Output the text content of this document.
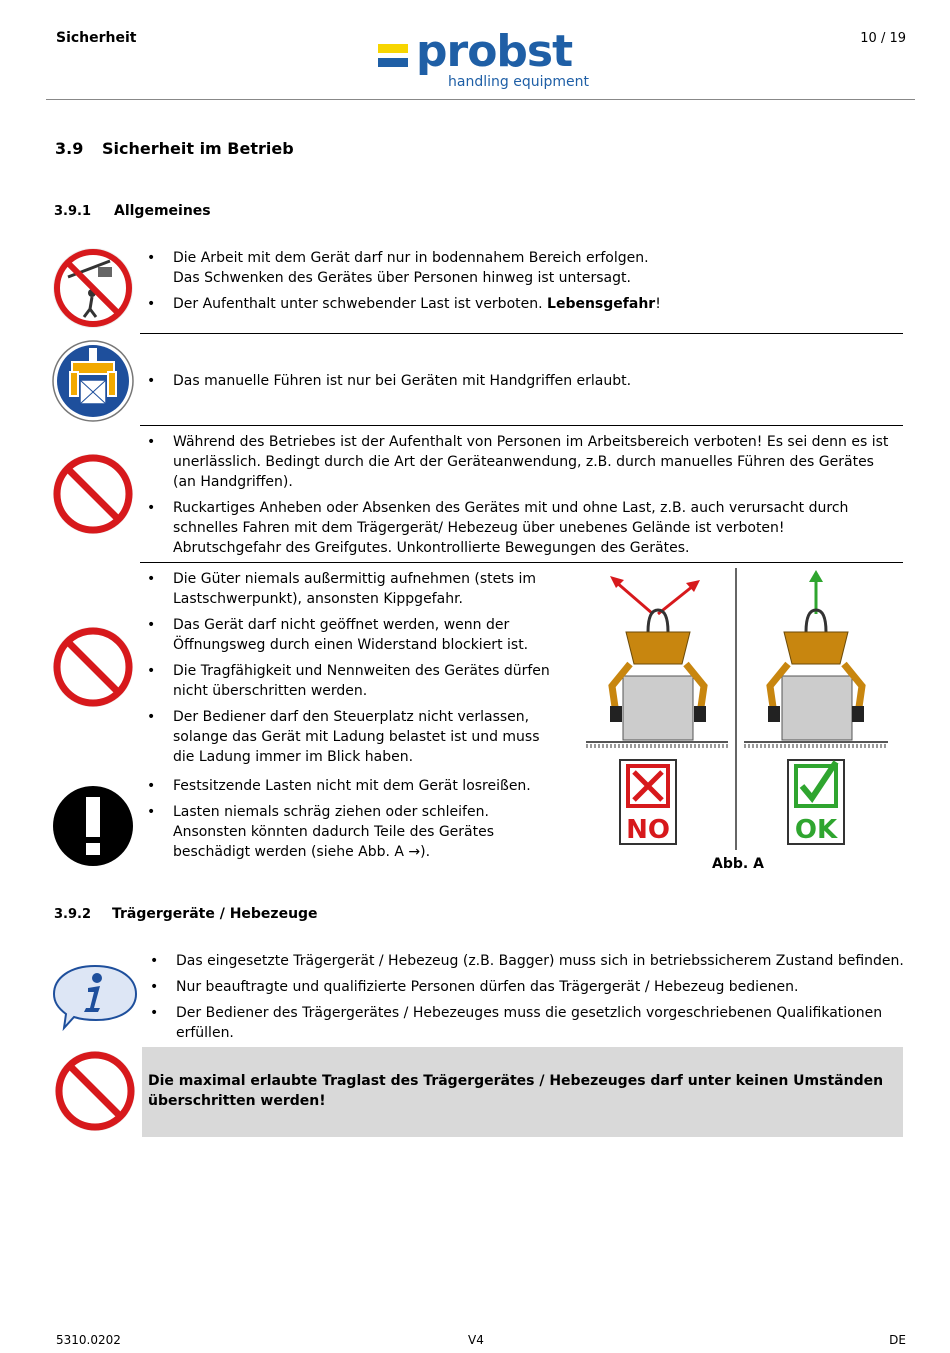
Sicherheit	10 / 19
probst
handling equipment
3.9 Sicherheit im Betrieb
3.9.1 Allgemeines
• Die Arbeit mit dem Gerät darf nur in bodennahem Bereich erfolgen.
Das Schwenken des Gerätes über Personen hinweg ist untersagt.
• Der Aufenthalt unter schwebender Last ist verboten. Lebensgefahr!
• Das manuelle Führen ist nur bei Geräten mit Handgriffen erlaubt.
• Während des Betriebes ist der Aufenthalt von Personen im Arbeitsbereich verboten! Es sei denn es ist unerlässlich. Bedingt durch die Art der Geräteanwendung, z.B. durch manuelles Führen des Gerätes (an Handgriffen).
• Ruckartiges Anheben oder Absenken des Gerätes mit und ohne Last, z.B. auch verursacht durch schnelles Fahren mit dem Trägergerät/ Hebezeug über unebenes Gelände ist verboten!
Abrutschgefahr des Greifgutes. Unkontrollierte Bewegungen des Gerätes.
• Die Güter niemals außermittig aufnehmen (stets im Lastschwerpunkt), ansonsten Kippgefahr.
• Das Gerät darf nicht geöffnet werden, wenn der Öffnungsweg durch einen Widerstand blockiert ist.
• Die Tragfähigkeit und Nennweiten des Gerätes dürfen nicht überschritten werden.
• Der Bediener darf den Steuerplatz nicht verlassen, solange das Gerät mit Ladung belastet ist und muss die Ladung immer im Blick haben.
• Festsitzende Lasten nicht mit dem Gerät losreißen.
• Lasten niemals schräg ziehen oder schleifen. Ansonsten könnten dadurch Teile des Gerätes beschädigt werden (siehe Abb. A →).
NO	OK
Abb. A
3.9.2 Trägergeräte / Hebezeuge
• Das eingesetzte Trägergerät / Hebezeug (z.B. Bagger) muss sich in betriebssicherem Zustand befinden.
• Nur beauftragte und qualifizierte Personen dürfen das Trägergerät / Hebezeug bedienen.
• Der Bediener des Trägergerätes / Hebezeuges muss die gesetzlich vorgeschriebenen Qualifikationen erfüllen.

Die maximal erlaubte Traglast des Trägergerätes / Hebezeuges darf unter keinen Umständen überschritten werden!

5310.0202	V4	DE
